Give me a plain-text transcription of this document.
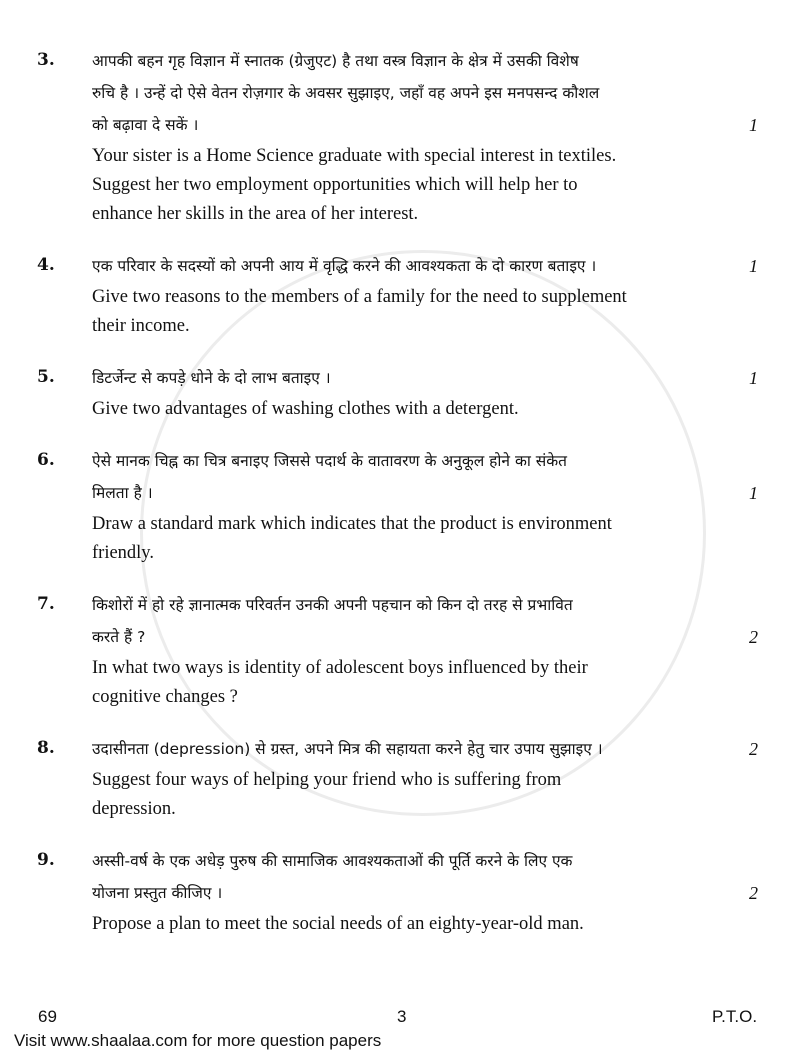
3. आपकी बहन गृह विज्ञान में स्नातक (ग्रेजुएट) है तथा वस्त्र विज्ञान के क्षेत्र में उसकी विशेष
रुचि है । उन्हें दो ऐसे वेतन रोज़गार के अवसर सुझाइए, जहाँ वह अपने इस मनपसन्द कौशल
को बढ़ावा दे सकें ।	1
Your sister is a Home Science graduate with special interest in textiles.
Suggest her two employment opportunities which will help her to
enhance her skills in the area of her interest.
4. एक परिवार के सदस्यों को अपनी आय में वृद्धि करने की आवश्यकता के दो कारण बताइए ।	1
Give two reasons to the members of a family for the need to supplement
their income.
5. डिटर्जेन्ट से कपड़े धोने के दो लाभ बताइए ।	1
Give two advantages of washing clothes with a detergent.
6. ऐसे मानक चिह्न का चित्र बनाइए जिससे पदार्थ के वातावरण के अनुकूल होने का संकेत
मिलता है ।	1
Draw a standard mark which indicates that the product is environment
friendly.
7. किशोरों में हो रहे ज्ञानात्मक परिवर्तन उनकी अपनी पहचान को किन दो तरह से प्रभावित
करते हैं ?	2
In what two ways is identity of adolescent boys influenced by their
cognitive changes ?
8. उदासीनता (depression) से ग्रस्त, अपने मित्र की सहायता करने हेतु चार उपाय सुझाइए ।	2
Suggest four ways of helping your friend who is suffering from
depression.
9. अस्सी-वर्ष के एक अधेड़ पुरुष की सामाजिक आवश्यकताओं की पूर्ति करने के लिए एक
योजना प्रस्तुत कीजिए ।	2
Propose a plan to meet the social needs of an eighty-year-old man.
69	3	P.T.O.
Visit www.shaalaa.com for more question papers
